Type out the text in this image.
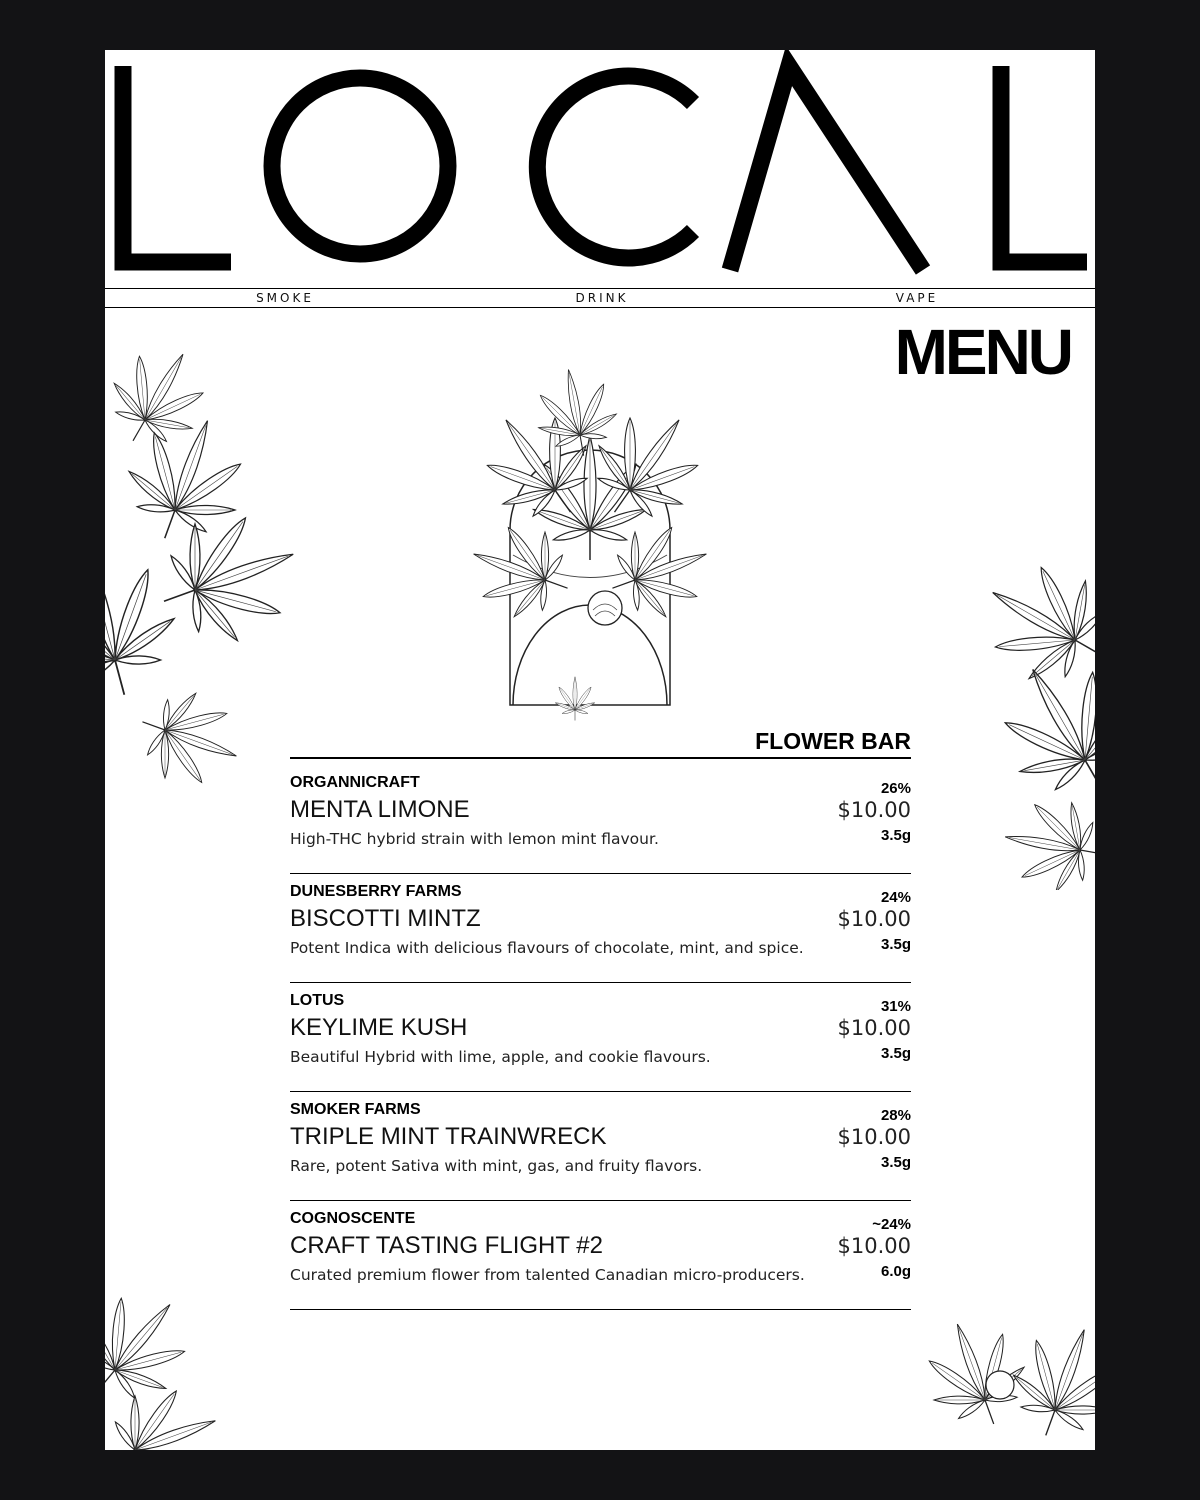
SMOKE	DRINK	VAPE
MENU
FLOWER BAR
ORGANNICRAFT
MENTA LIMONE
High-THC hybrid strain with lemon mint flavour.
26%
$10.00
3.5g
DUNESBERRY FARMS
BISCOTTI MINTZ
Potent Indica with delicious flavours of chocolate, mint, and spice.
24%
$10.00
3.5g
LOTUS
KEYLIME KUSH
Beautiful Hybrid with lime, apple, and cookie flavours.
31%
$10.00
3.5g
SMOKER FARMS
TRIPLE MINT TRAINWRECK
Rare, potent Sativa with mint, gas, and fruity flavors.
28%
$10.00
3.5g
COGNOSCENTE
CRAFT TASTING FLIGHT #2
Curated premium flower from talented Canadian micro-producers.
~24%
$10.00
6.0g
